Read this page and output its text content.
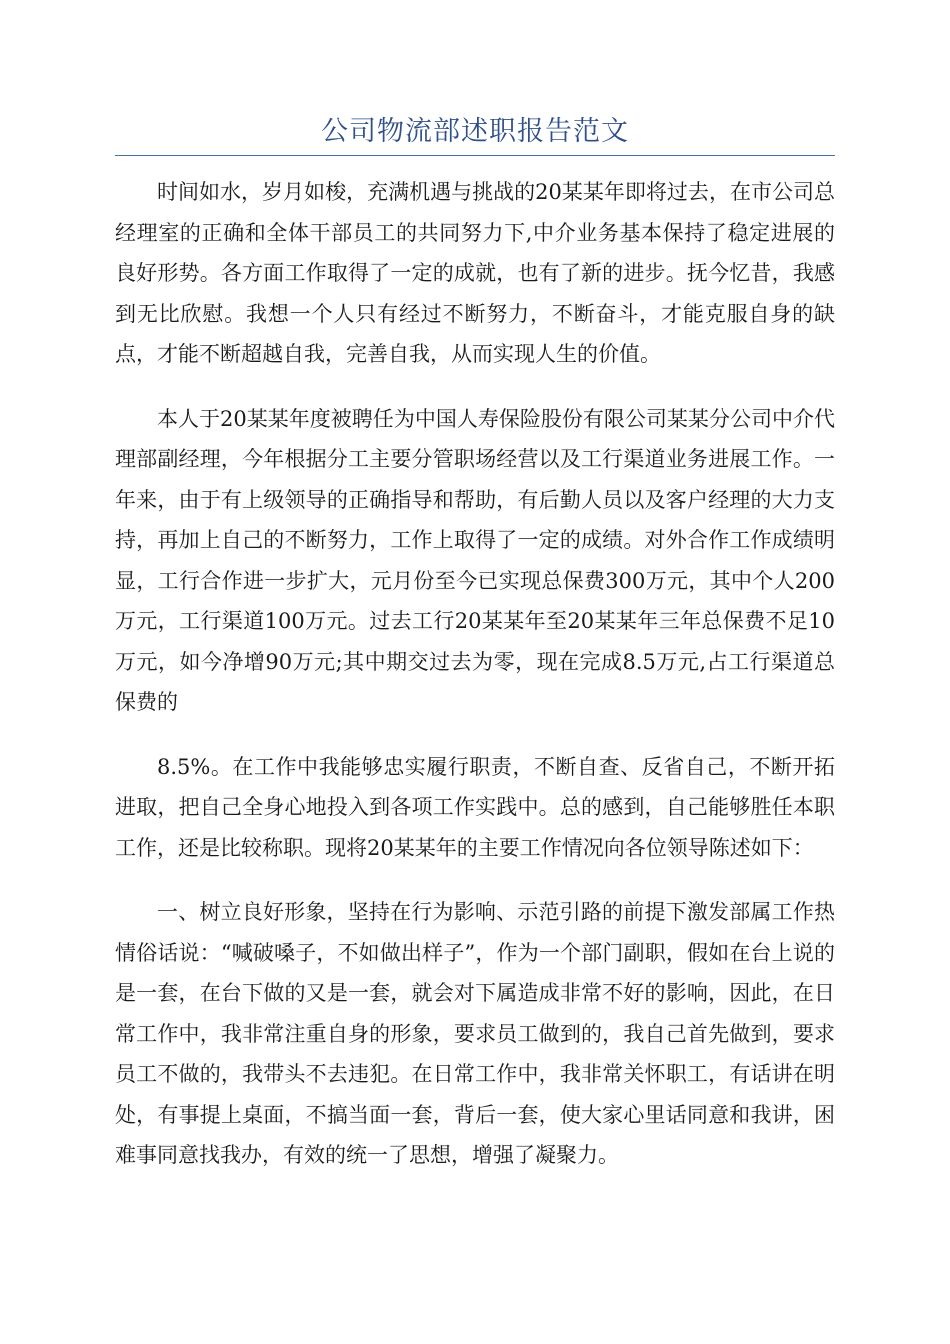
公司物流部述职报告范文

时间如水，岁月如梭，充满机遇与挑战的20某某年即将过去，在市公司总经理室的正确和全体干部员工的共同努力下,中介业务基本保持了稳定进展的良好形势。各方面工作取得了一定的成就，也有了新的进步。抚今忆昔，我感到无比欣慰。我想一个人只有经过不断努力，不断奋斗，才能克服自身的缺点，才能不断超越自我，完善自我，从而实现人生的价值。

本人于20某某年度被聘任为中国人寿保险股份有限公司某某分公司中介代理部副经理，今年根据分工主要分管职场经营以及工行渠道业务进展工作。一年来，由于有上级领导的正确指导和帮助，有后勤人员以及客户经理的大力支持，再加上自己的不断努力，工作上取得了一定的成绩。对外合作工作成绩明显，工行合作进一步扩大，元月份至今已实现总保费300万元，其中个人200万元，工行渠道100万元。过去工行20某某年至20某某年三年总保费不足10万元，如今净增90万元;其中期交过去为零，现在完成8.5万元,占工行渠道总保费的

8.5%。在工作中我能够忠实履行职责，不断自查、反省自己，不断开拓进取，把自己全身心地投入到各项工作实践中。总的感到，自己能够胜任本职工作，还是比较称职。现将20某某年的主要工作情况向各位领导陈述如下：

一、树立良好形象，坚持在行为影响、示范引路的前提下激发部属工作热情俗话说：“喊破嗓子，不如做出样子”，作为一个部门副职，假如在台上说的是一套，在台下做的又是一套，就会对下属造成非常不好的影响，因此，在日常工作中，我非常注重自身的形象，要求员工做到的，我自己首先做到，要求员工不做的，我带头不去违犯。在日常工作中，我非常关怀职工，有话讲在明处，有事提上桌面，不搞当面一套，背后一套，使大家心里话同意和我讲，困难事同意找我办，有效的统一了思想，增强了凝聚力。
